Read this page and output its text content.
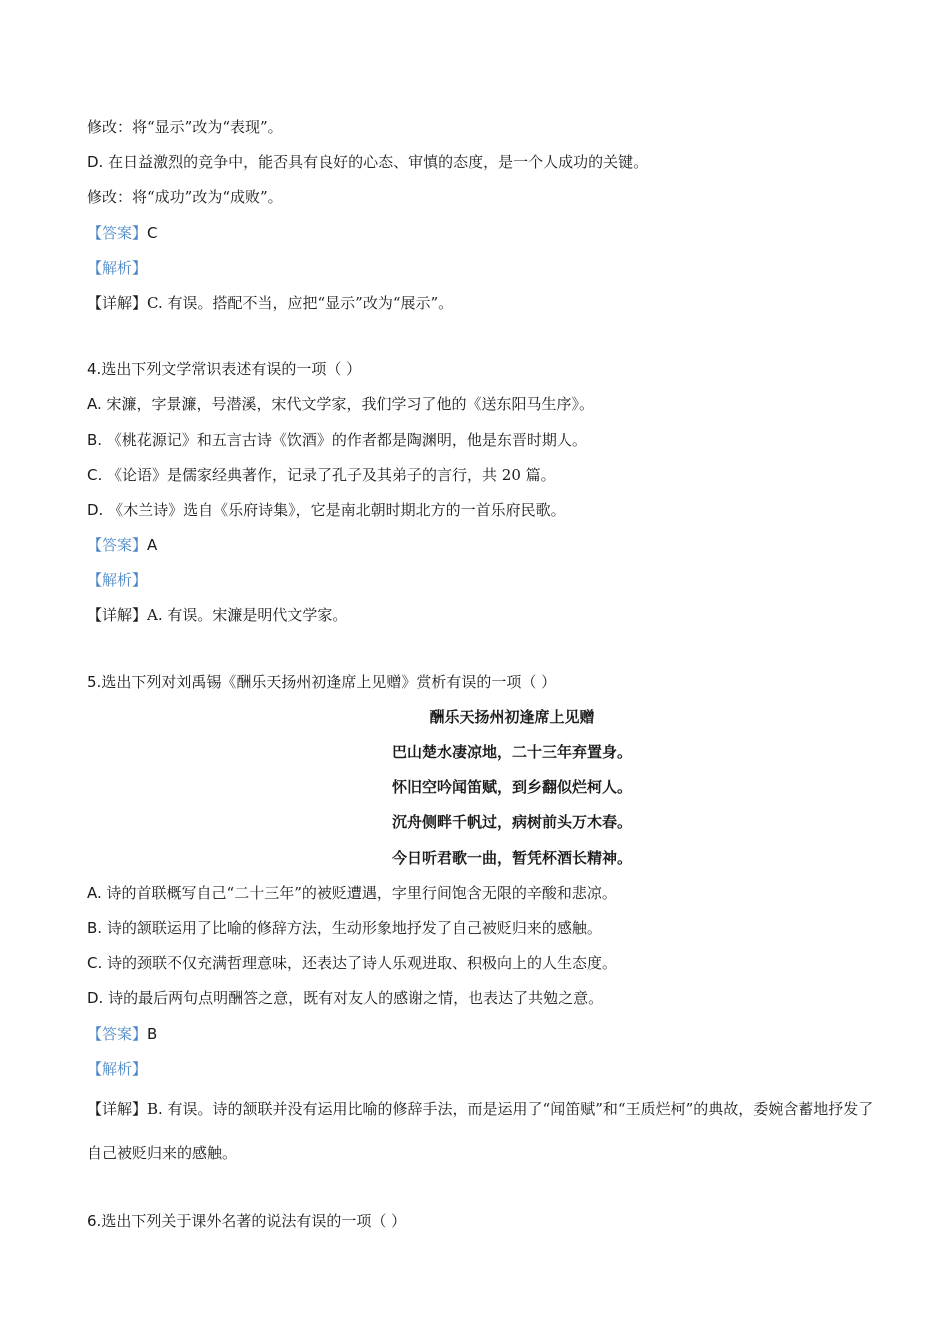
修改：将“显示”改为“表现”。
D. 在日益激烈的竞争中，能否具有良好的心态、审慎的态度，是一个人成功的关键。
修改：将“成功”改为“成败”。
【答案】C
【解析】
【详解】C. 有误。搭配不当，应把“显示”改为“展示”。
4.选出下列文学常识表述有误的一项（ ）
A. 宋濂，字景濂，号潜溪，宋代文学家，我们学习了他的《送东阳马生序》。
B. 《桃花源记》和五言古诗《饮酒》的作者都是陶渊明，他是东晋时期人。
C. 《论语》是儒家经典著作，记录了孔子及其弟子的言行，共 20 篇。
D. 《木兰诗》选自《乐府诗集》，它是南北朝时期北方的一首乐府民歌。
【答案】A
【解析】
【详解】A. 有误。宋濂是明代文学家。
5.选出下列对刘禹锡《酬乐天扬州初逢席上见赠》赏析有误的一项（ ）
酬乐天扬州初逢席上见赠
巴山楚水凄凉地，二十三年弃置身。
怀旧空吟闻笛赋，到乡翻似烂柯人。
沉舟侧畔千帆过，病树前头万木春。
今日听君歌一曲，暂凭杯酒长精神。
A. 诗的首联概写自己“二十三年”的被贬遭遇，字里行间饱含无限的辛酸和悲凉。
B. 诗的颔联运用了比喻的修辞方法，生动形象地抒发了自己被贬归来的感触。
C. 诗的颈联不仅充满哲理意味，还表达了诗人乐观进取、积极向上的人生态度。
D. 诗的最后两句点明酬答之意，既有对友人的感谢之情，也表达了共勉之意。
【答案】B
【解析】
【详解】B. 有误。诗的颔联并没有运用比喻的修辞手法，而是运用了“闻笛赋”和“王质烂柯”的典故，委婉含蓄地抒发了自己被贬归来的感触。
6.选出下列关于课外名著的说法有误的一项（ ）
